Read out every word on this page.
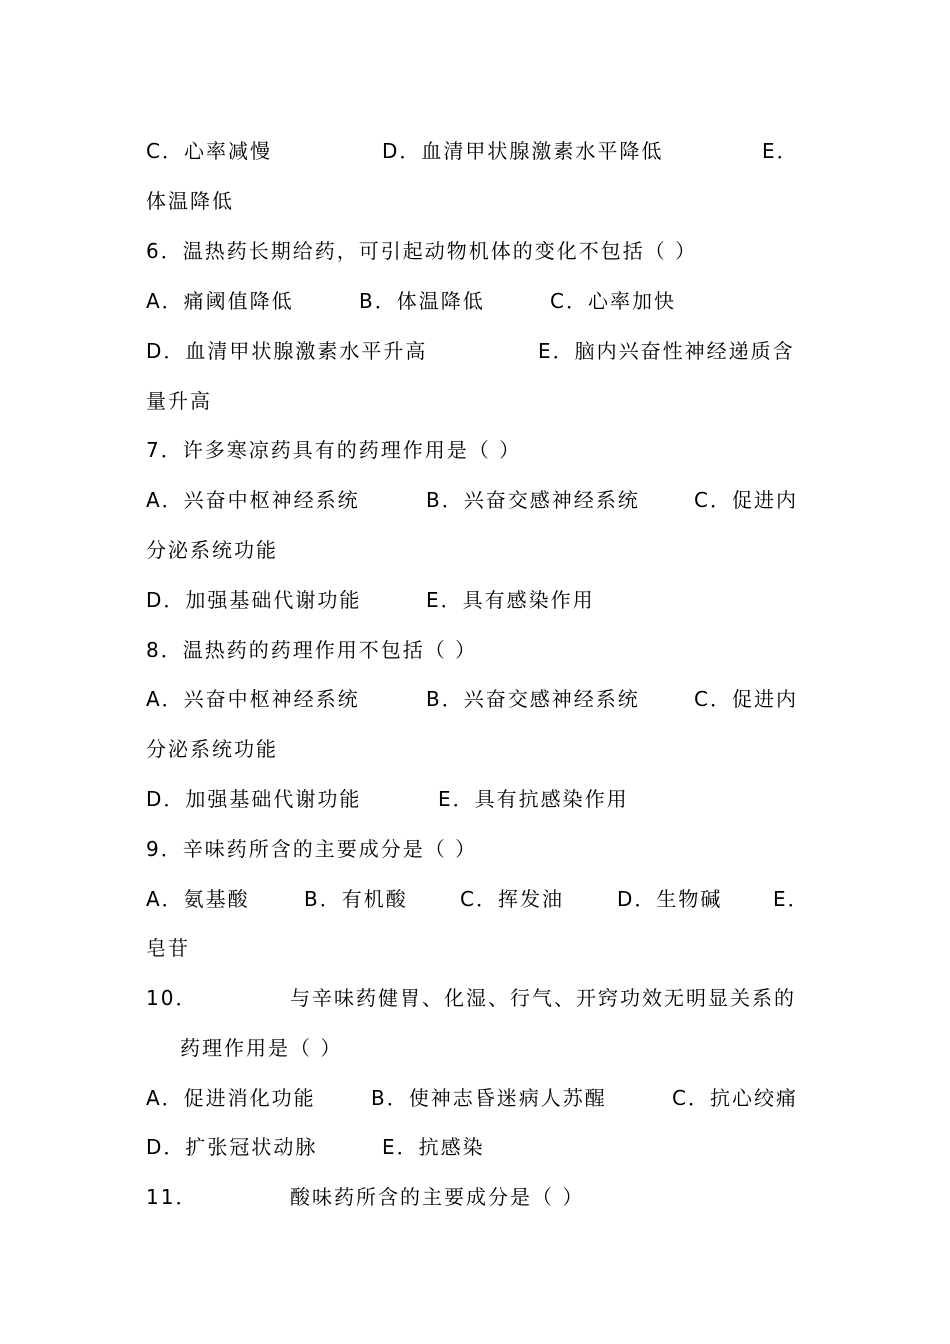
C．心率减慢	D．血清甲状腺激素水平降低	E．
体温降低
6．温热药长期给药，可引起动物机体的变化不包括（ ）
A．痛阈值降低	B．体温降低	C．心率加快
D．血清甲状腺激素水平升高	E．脑内兴奋性神经递质含
量升高
7．许多寒凉药具有的药理作用是（ ）
A．兴奋中枢神经系统	B．兴奋交感神经系统	C．促进内
分泌系统功能
D．加强基础代谢功能	E．具有感染作用
8．温热药的药理作用不包括（ ）
A．兴奋中枢神经系统	B．兴奋交感神经系统	C．促进内
分泌系统功能
D．加强基础代谢功能	E．具有抗感染作用
9．辛味药所含的主要成分是（ ）
A．氨基酸	B．有机酸	C．挥发油	D．生物碱	E．
皂苷
10．	与辛味药健胃、化湿、行气、开窍功效无明显关系的
药理作用是（ ）
A．促进消化功能	B．使神志昏迷病人苏醒	C．抗心绞痛
D．扩张冠状动脉	E．抗感染
11．	酸味药所含的主要成分是（ ）
